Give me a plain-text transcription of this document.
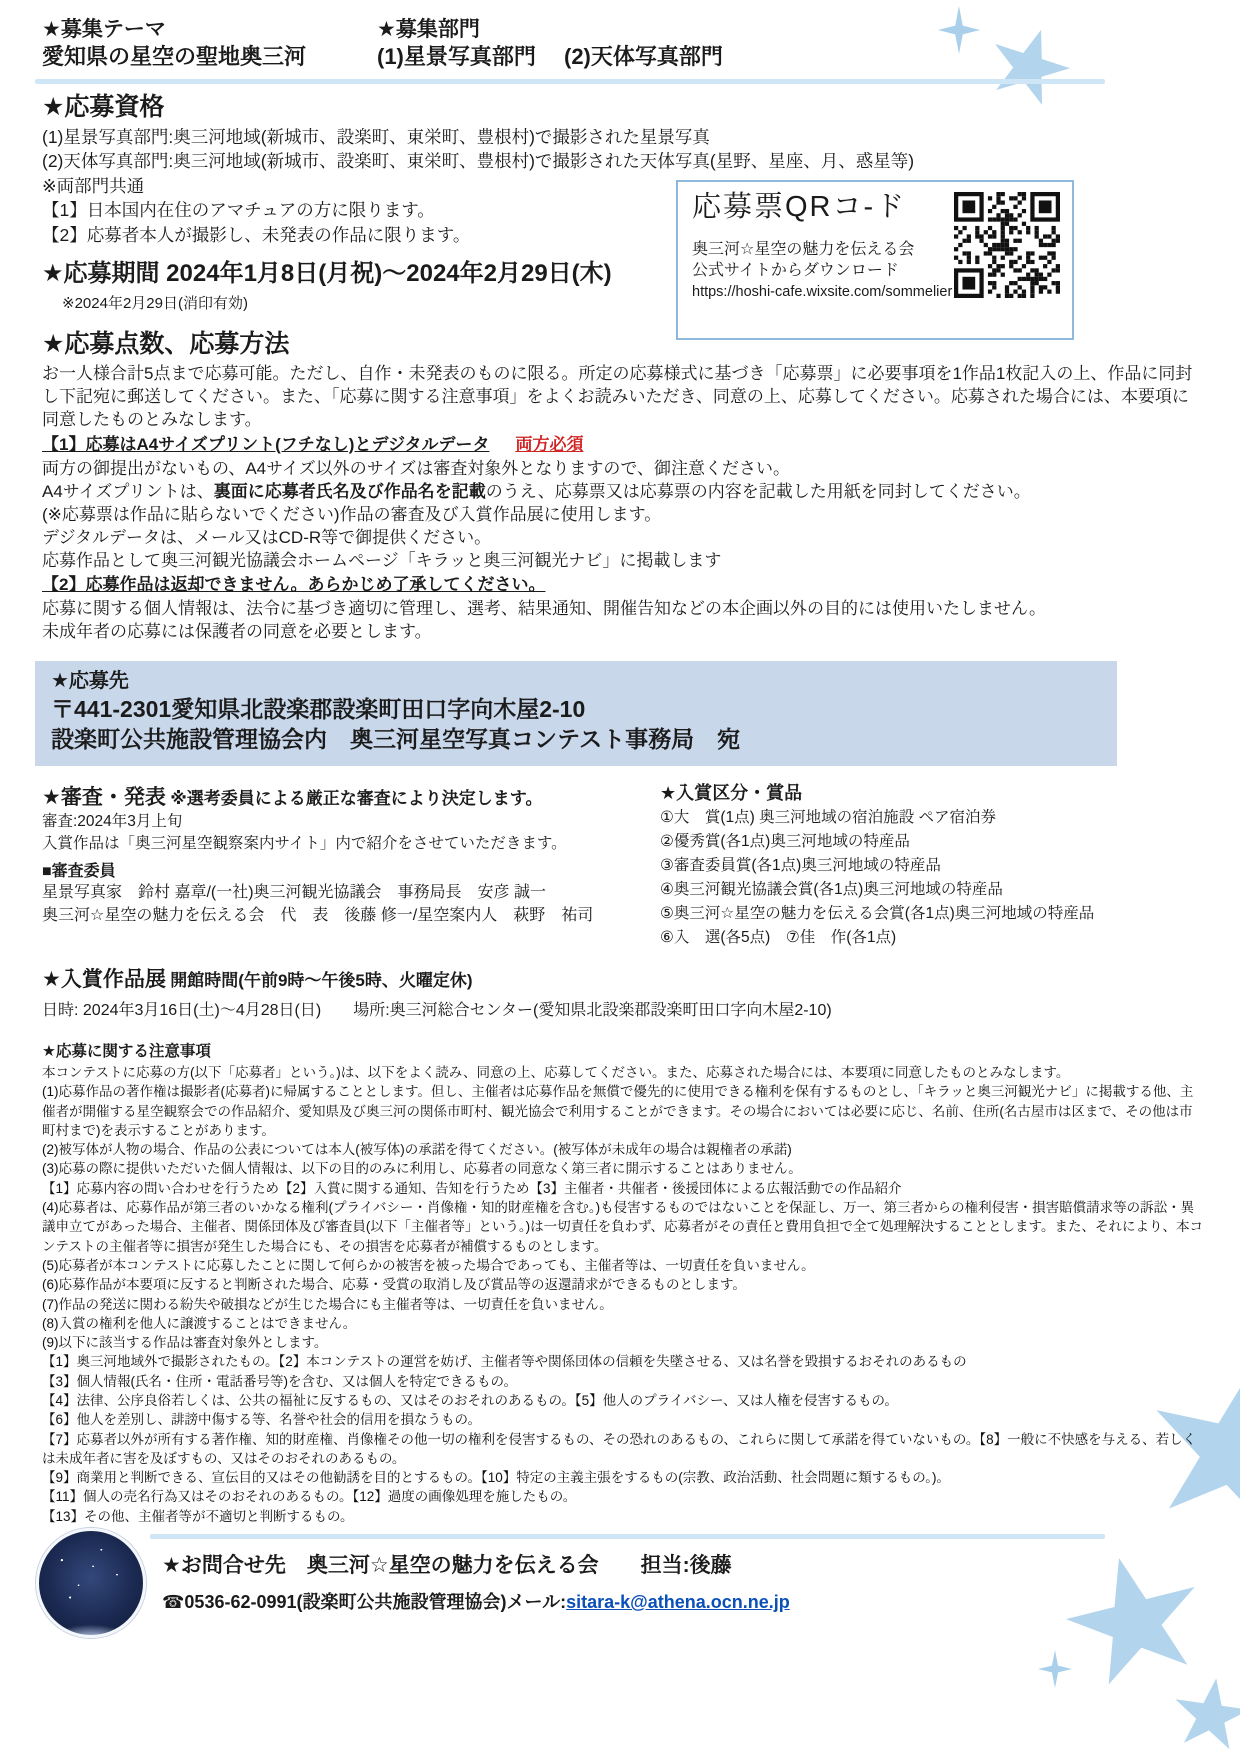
応募票QRコ-ド
奥三河☆星空の魅力を伝える会
公式サイトからダウンロード
https://hoshi-cafe.wixsite.com/sommelier
★募集テーマ
愛知県の星空の聖地奥三河
★募集部門
(1)星景写真部門　 (2)天体写真部門
★応募資格
(1)星景写真部門:奥三河地域(新城市、設楽町、東栄町、豊根村)で撮影された星景写真
(2)天体写真部門:奥三河地域(新城市、設楽町、東栄町、豊根村)で撮影された天体写真(星野、星座、月、惑星等)
※両部門共通
【1】日本国内在住のアマチュアの方に限ります。
【2】応募者本人が撮影し、未発表の作品に限ります。
★応募期間 2024年1月8日(月祝)～2024年2月29日(木)
※2024年2月29日(消印有効)
★応募点数、応募方法
お一人様合計5点まで応募可能。ただし、自作・未発表のものに限る。所定の応募様式に基づき「応募票」に必要事項を1作品1枚記入の上、作品に同封し下記宛に郵送してください。また、「応募に関する注意事項」をよくお読みいただき、同意の上、応募してください。応募された場合には、本要項に同意したものとみなします。
【1】応募はA4サイズプリント(フチなし)とデジタルデータ 両方必須
両方の御提出がないもの、A4サイズ以外のサイズは審査対象外となりますので、御注意ください。
A4サイズプリントは、裏面に応募者氏名及び作品名を記載のうえ、応募票又は応募票の内容を記載した用紙を同封してください。
(※応募票は作品に貼らないでください)作品の審査及び入賞作品展に使用します。
デジタルデータは、メール又はCD-R等で御提供ください。
応募作品として奥三河観光協議会ホームページ「キラッと奥三河観光ナビ」に掲載します
【2】応募作品は返却できません。あらかじめ了承してください。
応募に関する個人情報は、法令に基づき適切に管理し、選考、結果通知、開催告知などの本企画以外の目的には使用いたしません。
未成年者の応募には保護者の同意を必要とします。
★応募先
〒441-2301愛知県北設楽郡設楽町田口字向木屋2-10
設楽町公共施設管理協会内　奥三河星空写真コンテスト事務局　宛
★審査・発表 ※選考委員による厳正な審査により決定します。
審査:2024年3月上旬
入賞作品は「奥三河星空観察案内サイト」内で紹介をさせていただきます。
■審査委員
星景写真家　鈴村 嘉章/(一社)奥三河観光協議会　事務局長　安彦 誠一
奥三河☆星空の魅力を伝える会　代　表　後藤 修一/星空案内人　萩野　祐司
★入賞区分・賞品
①大　賞(1点) 奥三河地域の宿泊施設 ペア宿泊券
②優秀賞(各1点)奥三河地域の特産品
③審査委員賞(各1点)奥三河地域の特産品
④奥三河観光協議会賞(各1点)奥三河地域の特産品
⑤奥三河☆星空の魅力を伝える会賞(各1点)奥三河地域の特産品
⑥入　選(各5点)　⑦佳　作(各1点)
★入賞作品展 開館時間(午前9時～午後5時、火曜定休)
日時: 2024年3月16日(土)～4月28日(日)　　場所:奥三河総合センター(愛知県北設楽郡設楽町田口字向木屋2-10)
★応募に関する注意事項
本コンテストに応募の方(以下「応募者」という。)は、以下をよく読み、同意の上、応募してください。また、応募された場合には、本要項に同意したものとみなします。
(1)応募作品の著作権は撮影者(応募者)に帰属することとします。但し、主催者は応募作品を無償で優先的に使用できる権利を保有するものとし、「キラッと奥三河観光ナビ」に掲載する他、主催者が開催する星空観察会での作品紹介、愛知県及び奥三河の関係市町村、観光協会で利用することができます。その場合においては必要に応じ、名前、住所(名古屋市は区まで、その他は市町村まで)を表示することがあります。
(2)被写体が人物の場合、作品の公表については本人(被写体)の承諾を得てください。(被写体が未成年の場合は親権者の承諾)
(3)応募の際に提供いただいた個人情報は、以下の目的のみに利用し、応募者の同意なく第三者に開示することはありません。
【1】応募内容の問い合わせを行うため【2】入賞に関する通知、告知を行うため【3】主催者・共催者・後援団体による広報活動での作品紹介
(4)応募者は、応募作品が第三者のいかなる権利(プライバシー・肖像権・知的財産権を含む。)も侵害するものではないことを保証し、万一、第三者からの権利侵害・損害賠償請求等の訴訟・異議申立てがあった場合、主催者、関係団体及び審査員(以下「主催者等」という。)は一切責任を負わず、応募者がその責任と費用負担で全て処理解決することとします。また、それにより、本コンテストの主催者等に損害が発生した場合にも、その損害を応募者が補償するものとします。
(5)応募者が本コンテストに応募したことに関して何らかの被害を被った場合であっても、主催者等は、一切責任を負いません。
(6)応募作品が本要項に反すると判断された場合、応募・受賞の取消し及び賞品等の返還請求ができるものとします。
(7)作品の発送に関わる紛失や破損などが生じた場合にも主催者等は、一切責任を負いません。
(8)入賞の権利を他人に譲渡することはできません。
(9)以下に該当する作品は審査対象外とします。
【1】奥三河地域外で撮影されたもの。【2】本コンテストの運営を妨げ、主催者等や関係団体の信頼を失墜させる、又は名誉を毀損するおそれのあるもの
【3】個人情報(氏名・住所・電話番号等)を含む、又は個人を特定できるもの。
【4】法律、公序良俗若しくは、公共の福祉に反するもの、又はそのおそれのあるもの。【5】他人のプライバシー、又は人権を侵害するもの。
【6】他人を差別し、誹謗中傷する等、名誉や社会的信用を損なうもの。
【7】応募者以外が所有する著作権、知的財産権、肖像権その他一切の権利を侵害するもの、その恐れのあるもの、これらに関して承諾を得ていないもの。【8】一般に不快感を与える、若しくは未成年者に害を及ぼすもの、又はそのおそれのあるもの。
【9】商業用と判断できる、宣伝目的又はその他勧誘を目的とするもの。【10】特定の主義主張をするもの(宗教、政治活動、社会問題に類するもの。)。
【11】個人の売名行為又はそのおそれのあるもの。【12】過度の画像処理を施したもの。
【13】その他、主催者等が不適切と判断するもの。
★お問合せ先　奥三河☆星空の魅力を伝える会　　担当:後藤
☎0536-62-0991(設楽町公共施設管理協会)メール:sitara-k@athena.ocn.ne.jp
